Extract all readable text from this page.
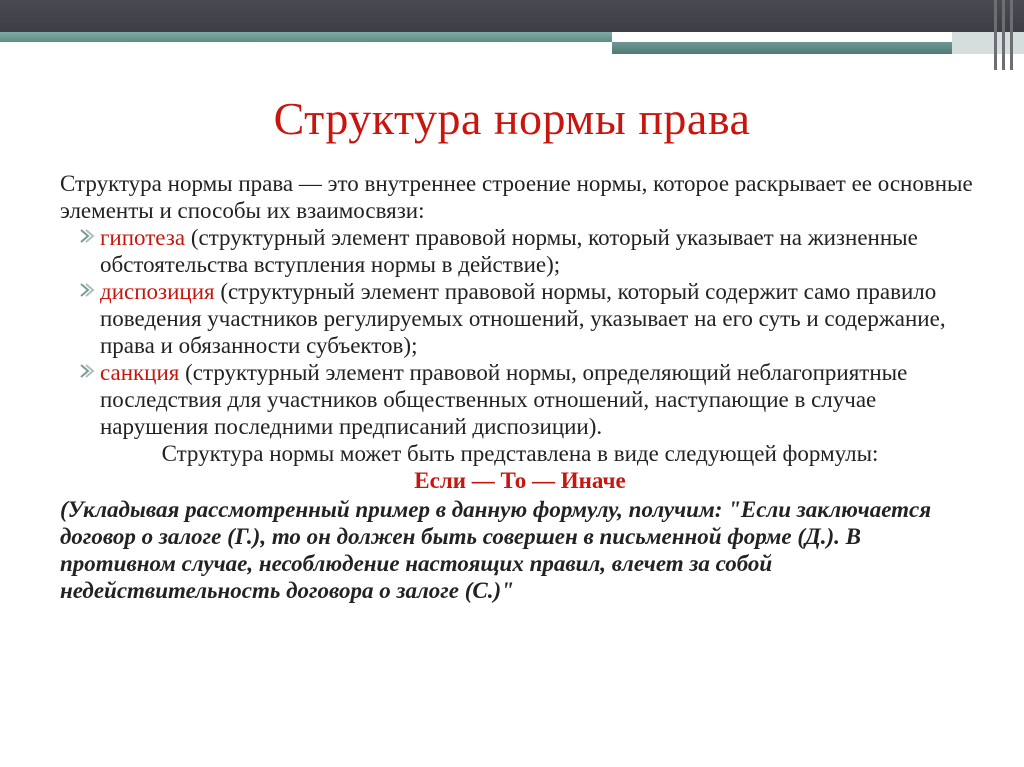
Структура нормы права

Структура нормы права — это внутреннее строение нормы, которое раскрывает ее основные элементы и способы их взаимосвязи:

гипотеза (структурный элемент правовой нормы, который указывает на жизненные обстоятельства вступления нормы в действие);

диспозиция (структурный элемент правовой нормы, который содержит само правило поведения участников регулируемых отношений, указывает на его суть и содержание, права и обязанности субъектов);

санкция (структурный элемент правовой нормы, определяющий неблагоприятные последствия для участников общественных отношений, наступающие в случае нарушения последними предписаний диспозиции).

Структура нормы может быть представлена в виде следующей формулы:

Если — То — Иначе

(Укладывая рассмотренный пример в данную формулу, получим: "Если заключается договор о залоге (Г.), то он должен быть совершен в письменной форме (Д.). В противном случае, несоблюдение настоящих правил, влечет за собой недействительность договора о залоге (С.)"
